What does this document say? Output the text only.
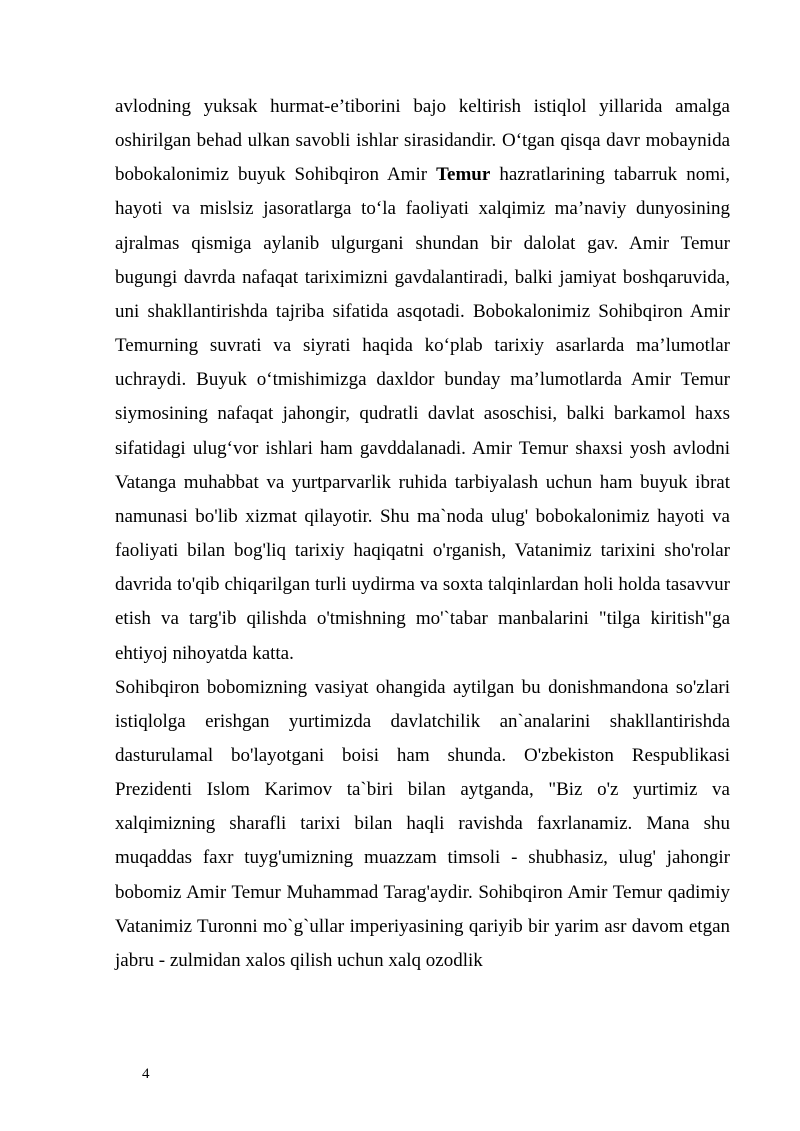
avlodning yuksak hurmat-e’tiborini bajo keltirish istiqlol yillarida amalga oshirilgan behad ulkan savobli ishlar sirasidandir. O‘tgan qisqa davr mobaynida bobokalonimiz buyuk Sohibqiron Amir Temur hazratlarining tabarruk nomi, hayoti va mislsiz jasoratlarga to‘la faoliyati xalqimiz ma’naviy dunyosining ajralmas qismiga aylanib ulgurgani shundan bir dalolat gav. Amir Temur bugungi davrda nafaqat tariximizni gavdalantiradi, balki jamiyat boshqaruvida, uni shakllantirishda tajriba sifatida asqotadi. Bobokalonimiz Sohibqiron Amir Temurning suvrati va siyrati haqida ko‘plab tarixiy asarlarda ma’lumotlar uchraydi. Buyuk o‘tmishimizga daxldor bunday ma’lumotlarda Amir Temur siymosining nafaqat jahongir, qudratli davlat asoschisi, balki barkamol haxs sifatidagi ulug‘vor ishlari ham gavddalanadi. Amir Temur shaxsi yosh avlodni Vatanga muhabbat va yurtparvarlik ruhida tarbiyalash uchun ham buyuk ibrat namunasi bo'lib xizmat qilayotir. Shu ma`noda ulug' bobokalonimiz hayoti va faoliyati bilan bog'liq tarixiy haqiqatni o'rganish, Vatanimiz tarixini sho'rolar davrida to'qib chiqarilgan turli uydirma va soxta talqinlardan holi holda tasavvur etish va targ'ib qilishda o'tmishning mo'`tabar manbalarini "tilga kiritish"ga ehtiyoj nihoyatda katta.

Sohibqiron bobomizning vasiyat ohangida aytilgan bu donishmandona so'zlari istiqlolga erishgan yurtimizda davlatchilik an`analarini shakllantirishda dasturulamal bo'layotgani boisi ham shunda. O'zbekiston Respublikasi Prezidenti Islom Karimov ta`biri bilan aytganda, "Biz o'z yurtimiz va xalqimizning sharafli tarixi bilan haqli ravishda faxrlanamiz. Mana shu muqaddas faxr tuyg'umizning muazzam timsoli - shubhasiz, ulug' jahongir bobomiz Amir Temur Muhammad Tarag'aydir. Sohibqiron Amir Temur qadimiy Vatanimiz Turonni mo`g`ullar imperiyasining qariyib bir yarim asr davom etgan jabru - zulmidan xalos qilish uchun xalq ozodlik

4
